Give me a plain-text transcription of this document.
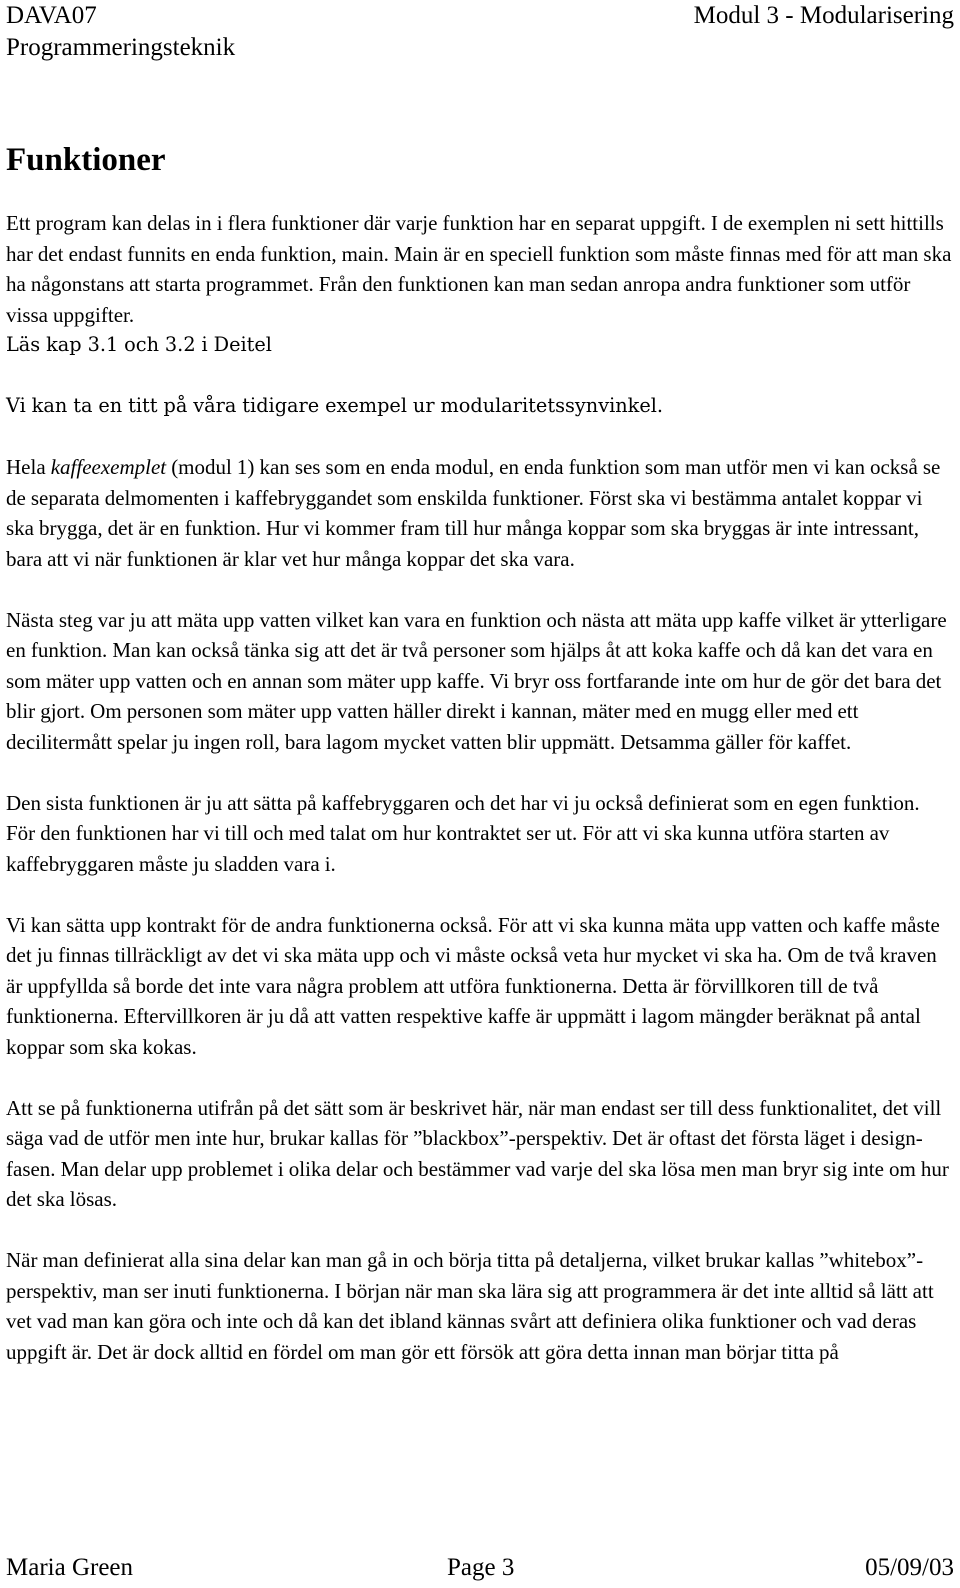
DAVA07	Modul 3 - Modularisering
Programmeringsteknik
Funktioner

Ett program kan delas in i flera funktioner där varje funktion har en separat uppgift. I de exemplen ni sett hittills har det endast funnits en enda funktion, main. Main är en speciell funktion som måste finnas med för att man ska ha någonstans att starta programmet. Från den funktionen kan man sedan anropa andra funktioner som utför vissa uppgifter.

Läs kap 3.1 och 3.2 i Deitel

Vi kan ta en titt på våra tidigare exempel ur modularitetssynvinkel.

Hela kaffeexemplet (modul 1) kan ses som en enda modul, en enda funktion som man utför men vi kan också se de separata delmomenten i kaffebryggandet som enskilda funktioner. Först ska vi bestämma antalet koppar vi ska brygga, det är en funktion. Hur vi kommer fram till hur många koppar som ska bryggas är inte intressant, bara att vi när funktionen är klar vet hur många koppar det ska vara.

Nästa steg var ju att mäta upp vatten vilket kan vara en funktion och nästa att mäta upp kaffe vilket är ytterligare en funktion. Man kan också tänka sig att det är två personer som hjälps åt att koka kaffe och då kan det vara en som mäter upp vatten och en annan som mäter upp kaffe. Vi bryr oss fortfarande inte om hur de gör det bara det blir gjort. Om personen som mäter upp vatten häller direkt i kannan, mäter med en mugg eller med ett decilitermått spelar ju ingen roll, bara lagom mycket vatten blir uppmätt. Detsamma gäller för kaffet.

Den sista funktionen är ju att sätta på kaffebryggaren och det har vi ju också definierat som en egen funktion. För den funktionen har vi till och med talat om hur kontraktet ser ut. För att vi ska kunna utföra starten av kaffebryggaren måste ju sladden vara i.

Vi kan sätta upp kontrakt för de andra funktionerna också. För att vi ska kunna mäta upp vatten och kaffe måste det ju finnas tillräckligt av det vi ska mäta upp och vi måste också veta hur mycket vi ska ha. Om de två kraven är uppfyllda så borde det inte vara några problem att utföra funktionerna. Detta är förvillkoren till de två funktionerna. Eftervillkoren är ju då att vatten respektive kaffe är uppmätt i lagom mängder beräknat på antal koppar som ska kokas.

Att se på funktionerna utifrån på det sätt som är beskrivet här, när man endast ser till dess funktionalitet, det vill säga vad de utför men inte hur, brukar kallas för ”blackbox”-perspektiv. Det är oftast det första läget i design-fasen. Man delar upp problemet i olika delar och bestämmer vad varje del ska lösa men man bryr sig inte om hur det ska lösas.

När man definierat alla sina delar kan man gå in och börja titta på detaljerna, vilket brukar kallas ”whitebox”-perspektiv, man ser inuti funktionerna. I början när man ska lära sig att programmera är det inte alltid så lätt att vet vad man kan göra och inte och då kan det ibland kännas svårt att definiera olika funktioner och vad deras uppgift är. Det är dock alltid en fördel om man gör ett försök att göra detta innan man börjar titta på

Maria Green	Page 3	05/09/03
